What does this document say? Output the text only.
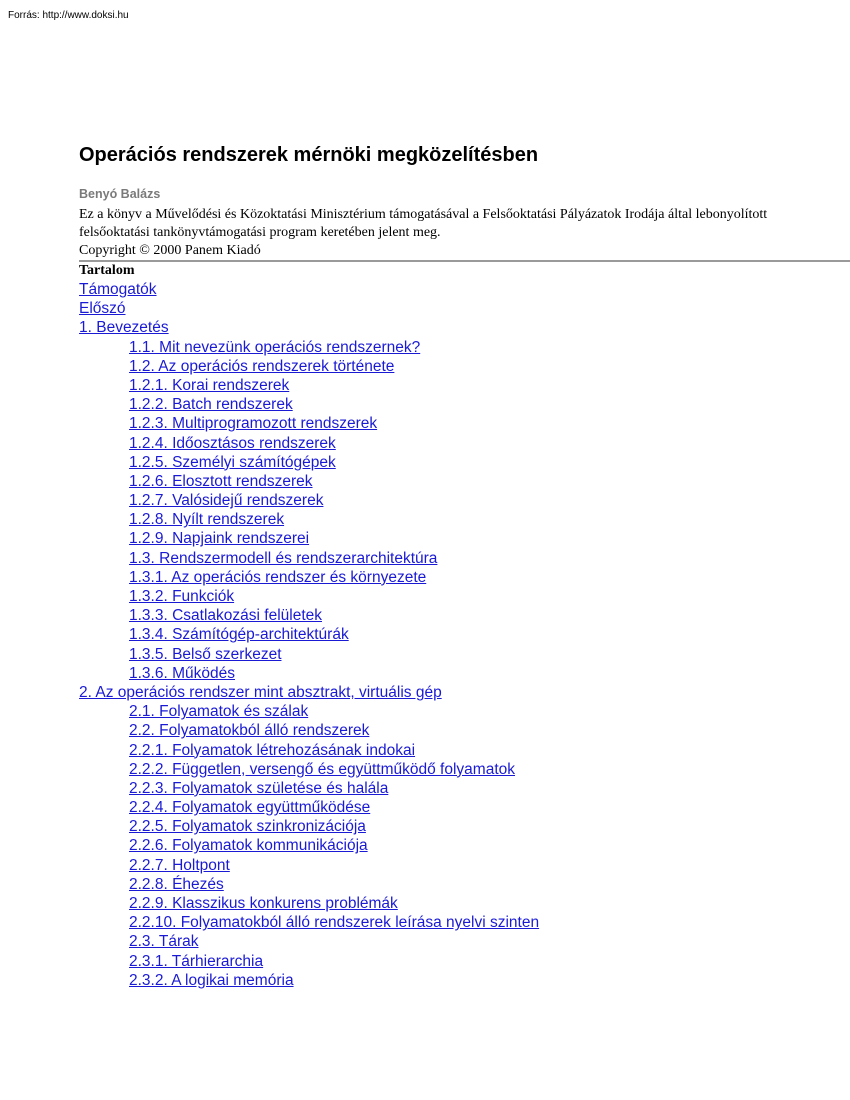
Forrás: http://www.doksi.hu
Operációs rendszerek mérnöki megközelítésben
Benyó Balázs
Ez a könyv a Művelődési és Közoktatási Minisztérium támogatásával a Felsőoktatási Pályázatok Irodája által lebonyolított felsőoktatási tankönyvtámogatási program keretében jelent meg.
Copyright © 2000 Panem Kiadó
Tartalom
Támogatók
Előszó
1. Bevezetés
1.1. Mit nevezünk operációs rendszernek?
1.2. Az operációs rendszerek története
1.2.1. Korai rendszerek
1.2.2. Batch rendszerek
1.2.3. Multiprogramozott rendszerek
1.2.4. Időosztásos rendszerek
1.2.5. Személyi számítógépek
1.2.6. Elosztott rendszerek
1.2.7. Valósidejű rendszerek
1.2.8. Nyílt rendszerek
1.2.9. Napjaink rendszerei
1.3. Rendszermodell és rendszerarchitektúra
1.3.1. Az operációs rendszer és környezete
1.3.2. Funkciók
1.3.3. Csatlakozási felületek
1.3.4. Számítógép-architektúrák
1.3.5. Belső szerkezet
1.3.6. Működés
2. Az operációs rendszer mint absztrakt, virtuális gép
2.1. Folyamatok és szálak
2.2. Folyamatokból álló rendszerek
2.2.1. Folyamatok létrehozásának indokai
2.2.2. Független, versengő és együttműködő folyamatok
2.2.3. Folyamatok születése és halála
2.2.4. Folyamatok együttműködése
2.2.5. Folyamatok szinkronizációja
2.2.6. Folyamatok kommunikációja
2.2.7. Holtpont
2.2.8. Éhezés
2.2.9. Klasszikus konkurens problémák
2.2.10. Folyamatokból álló rendszerek leírása nyelvi szinten
2.3. Tárak
2.3.1. Tárhierarchia
2.3.2. A logikai memória
